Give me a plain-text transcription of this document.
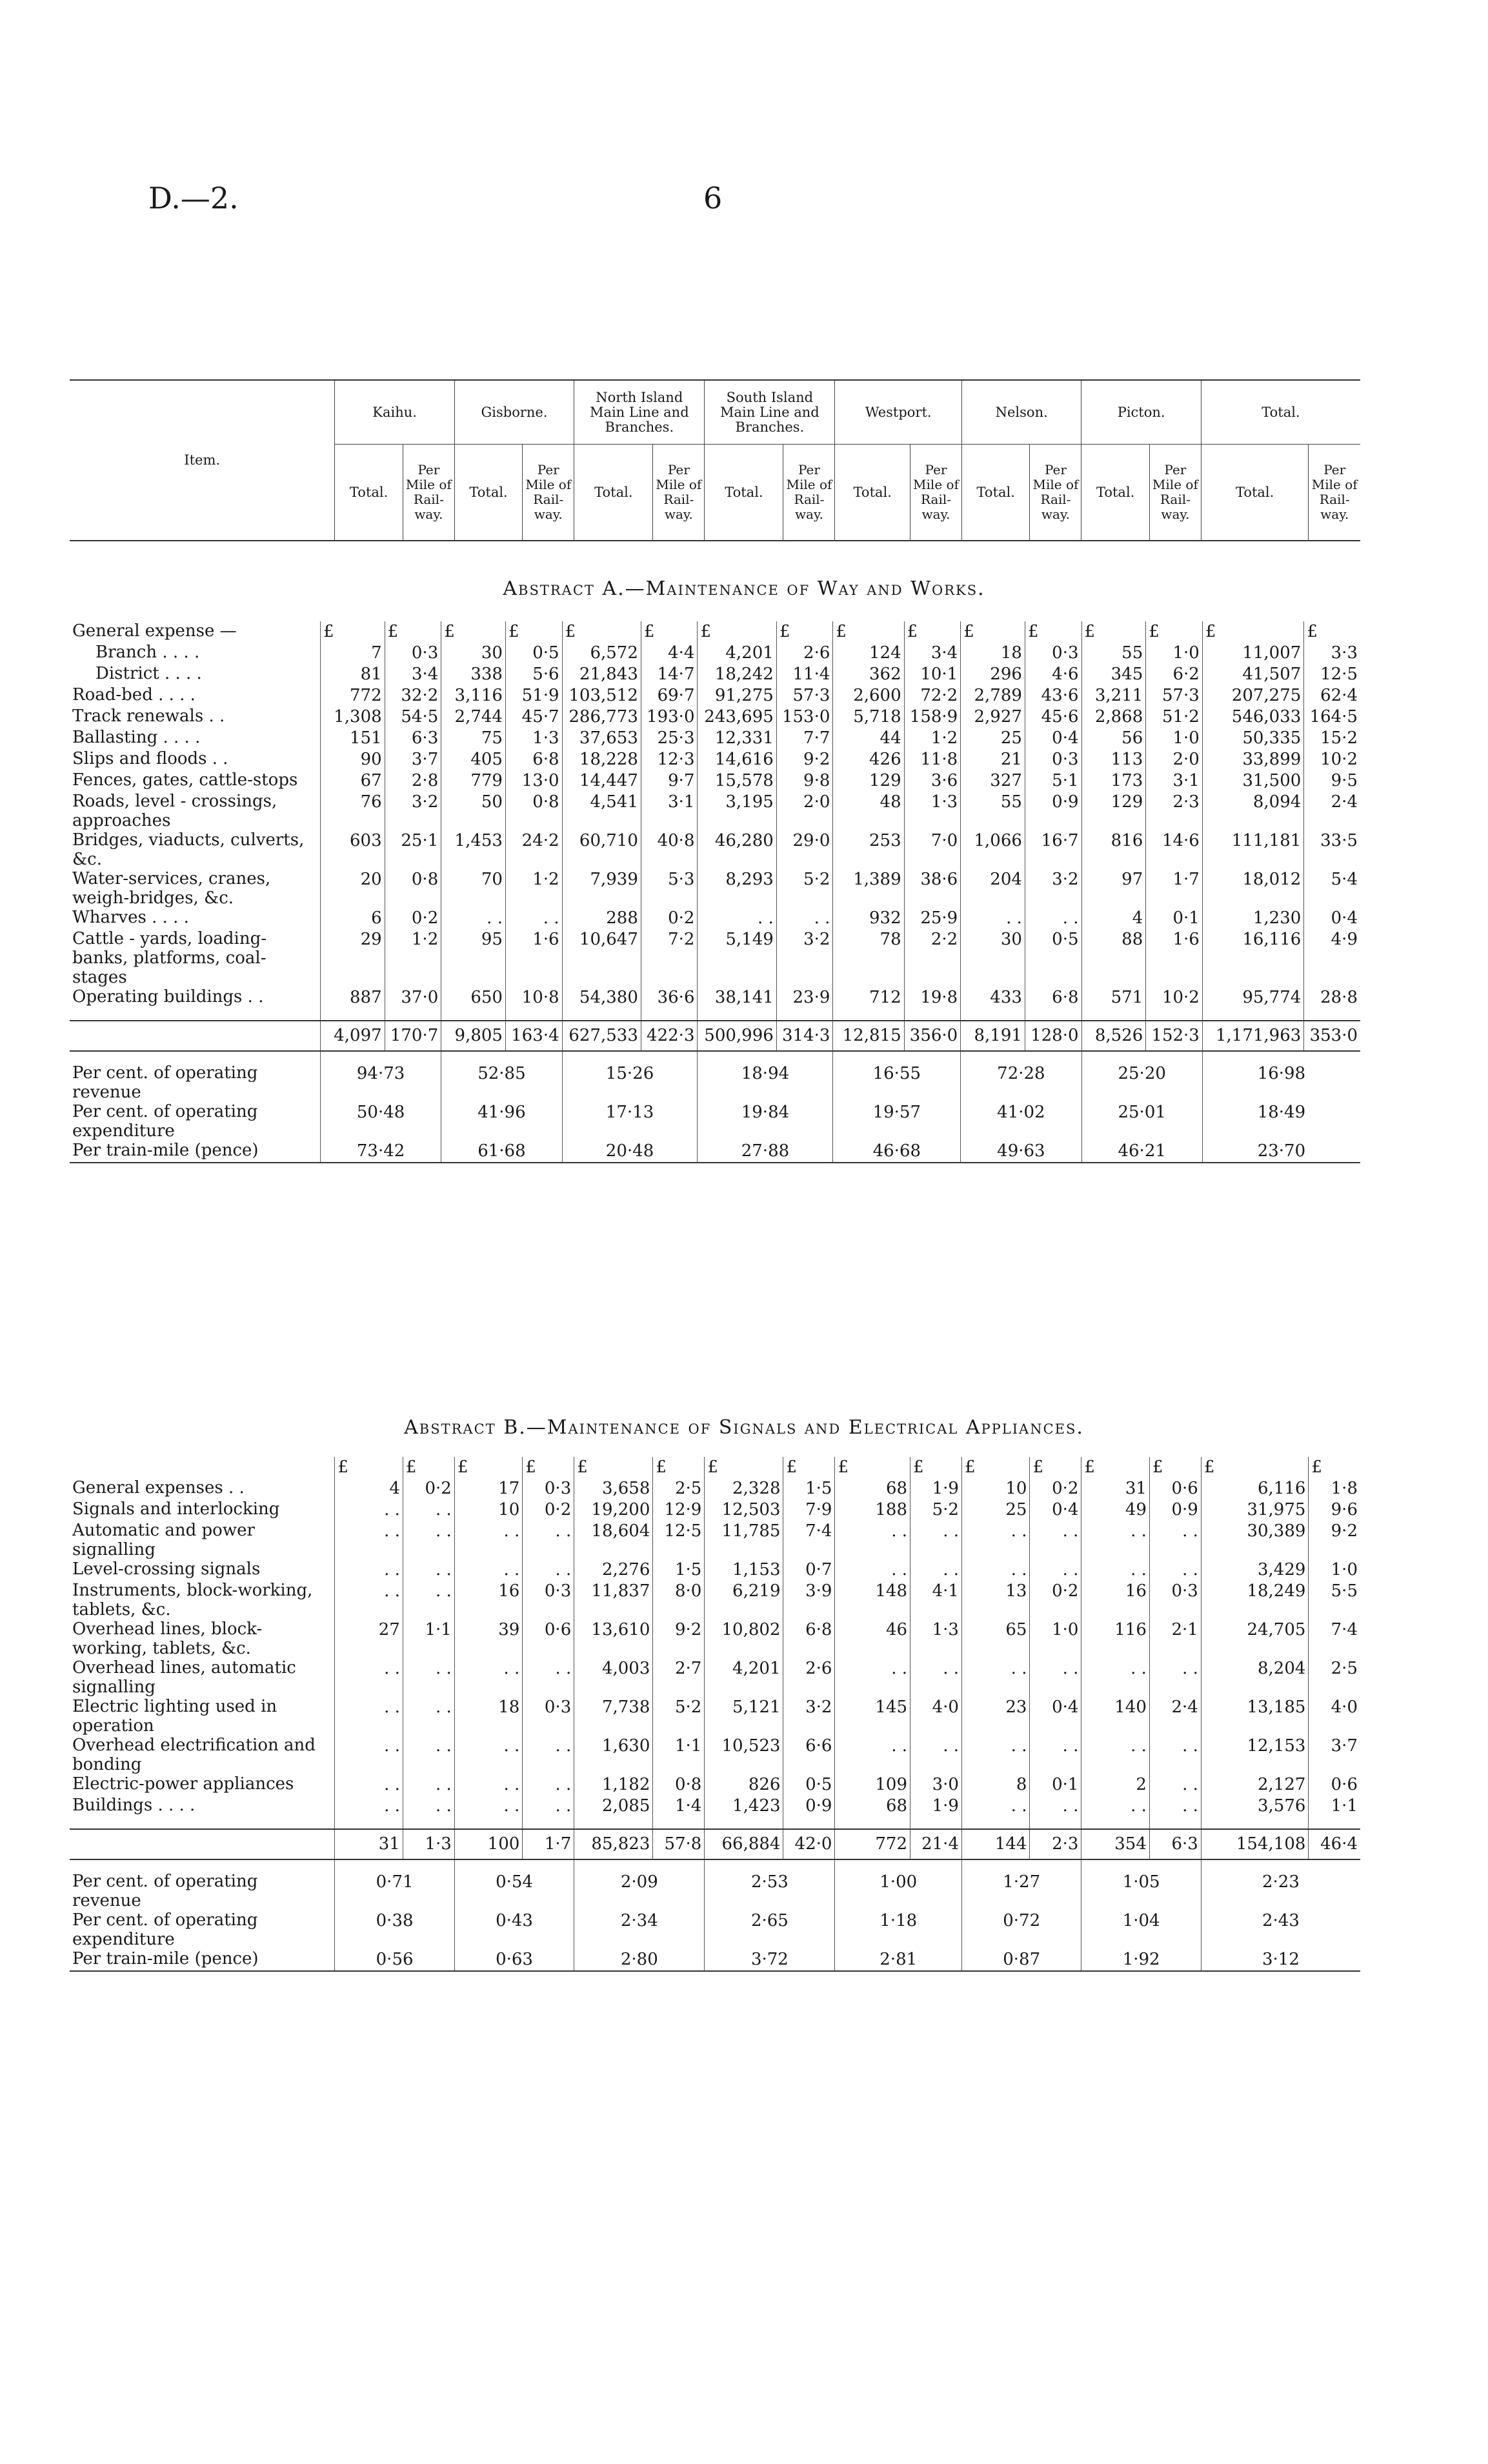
D.—2.	6
Item.	Kaihu.		Gisborne.		North Island Main Line and Branches.		South Island Main Line and Branches.		Westport.		Nelson.		Picton.		Total.	
	Total.	Per Mile of Rail-way.	Total.	Per Mile of Rail-way.	Total.	Per Mile of Rail-way.	Total.	Per Mile of Rail-way.	Total.	Per Mile of Rail-way.	Total.	Per Mile of Rail-way.	Total.	Per Mile of Rail-way.	Total.	Per Mile of Rail-way.
Abstract A.—Maintenance of Way and Works.
General expense —	£	£	£	£	£	£	£	£	£	£	£	£	£	£	£	£
Branch . . . .	7	0·3	30	0·5	6,572	4·4	4,201	2·6	124	3·4	18	0·3	55	1·0	11,007	3·3
District . . . .	81	3·4	338	5·6	21,843	14·7	18,242	11·4	362	10·1	296	4·6	345	6·2	41,507	12·5
Road-bed . . . .	772	32·2	3,116	51·9	103,512	69·7	91,275	57·3	2,600	72·2	2,789	43·6	3,211	57·3	207,275	62·4
Track renewals . .	1,308	54·5	2,744	45·7	286,773	193·0	243,695	153·0	5,718	158·9	2,927	45·6	2,868	51·2	546,033	164·5
Ballasting . . . .	151	6·3	75	1·3	37,653	25·3	12,331	7·7	44	1·2	25	0·4	56	1·0	50,335	15·2
Slips and floods . .	90	3·7	405	6·8	18,228	12·3	14,616	9·2	426	11·8	21	0·3	113	2·0	33,899	10·2
Fences, gates, cattle-stops	67	2·8	779	13·0	14,447	9·7	15,578	9·8	129	3·6	327	5·1	173	3·1	31,500	9·5
Roads, level - crossings, approaches	76	3·2	50	0·8	4,541	3·1	3,195	2·0	48	1·3	55	0·9	129	2·3	8,094	2·4
Bridges, viaducts, culverts, &c.	603	25·1	1,453	24·2	60,710	40·8	46,280	29·0	253	7·0	1,066	16·7	816	14·6	111,181	33·5
Water-services, cranes, weigh-bridges, &c.	20	0·8	70	1·2	7,939	5·3	8,293	5·2	1,389	38·6	204	3·2	97	1·7	18,012	5·4
Wharves . . . .	6	0·2	. .	. .	288	0·2	. .	. .	932	25·9	. .	. .	4	0·1	1,230	0·4
Cattle - yards, loading-banks, platforms, coal-stages	29	1·2	95	1·6	10,647	7·2	5,149	3·2	78	2·2	30	0·5	88	1·6	16,116	4·9
Operating buildings . .	887	37·0	650	10·8	54,380	36·6	38,141	23·9	712	19·8	433	6·8	571	10·2	95,774	28·8

	4,097	170·7	9,805	163·4	627,533	422·3	500,996	314·3	12,815	356·0	8,191	128·0	8,526	152·3	1,171,963	353·0

Per cent. of operating revenue	94·73		52·85		15·26		18·94		16·55		72·28		25·20		16·98	
Per cent. of operating expenditure	50·48		41·96		17·13		19·84		19·57		41·02		25·01		18·49	
Per train-mile (pence)	73·42		61·68		20·48		27·88		46·68		49·63		46·21		23·70	
Abstract B.—Maintenance of Signals and Electrical Appliances.
	£	£	£	£	£	£	£	£	£	£	£	£	£	£	£	£
General expenses . .	4	0·2	17	0·3	3,658	2·5	2,328	1·5	68	1·9	10	0·2	31	0·6	6,116	1·8
Signals and interlocking	. .	. .	10	0·2	19,200	12·9	12,503	7·9	188	5·2	25	0·4	49	0·9	31,975	9·6
Automatic and power signalling	. .	. .	. .	. .	18,604	12·5	11,785	7·4	. .	. .	. .	. .	. .	. .	30,389	9·2
Level-crossing signals	. .	. .	. .	. .	2,276	1·5	1,153	0·7	. .	. .	. .	. .	. .	. .	3,429	1·0
Instruments, block-working, tablets, &c.	. .	. .	16	0·3	11,837	8·0	6,219	3·9	148	4·1	13	0·2	16	0·3	18,249	5·5
Overhead lines, block-working, tablets, &c.	27	1·1	39	0·6	13,610	9·2	10,802	6·8	46	1·3	65	1·0	116	2·1	24,705	7·4
Overhead lines, automatic signalling	. .	. .	. .	. .	4,003	2·7	4,201	2·6	. .	. .	. .	. .	. .	. .	8,204	2·5
Electric lighting used in operation	. .	. .	18	0·3	7,738	5·2	5,121	3·2	145	4·0	23	0·4	140	2·4	13,185	4·0
Overhead electrification and bonding	. .	. .	. .	. .	1,630	1·1	10,523	6·6	. .	. .	. .	. .	. .	. .	12,153	3·7
Electric-power appliances	. .	. .	. .	. .	1,182	0·8	826	0·5	109	3·0	8	0·1	2	. .	2,127	0·6
Buildings . . . .	. .	. .	. .	. .	2,085	1·4	1,423	0·9	68	1·9	. .	. .	. .	. .	3,576	1·1

	31	1·3	100	1·7	85,823	57·8	66,884	42·0	772	21·4	144	2·3	354	6·3	154,108	46·4

Per cent. of operating revenue	0·71		0·54		2·09		2·53		1·00		1·27		1·05		2·23	
Per cent. of operating expenditure	0·38		0·43		2·34		2·65		1·18		0·72		1·04		2·43	
Per train-mile (pence)	0·56		0·63		2·80		3·72		2·81		0·87		1·92		3·12	
